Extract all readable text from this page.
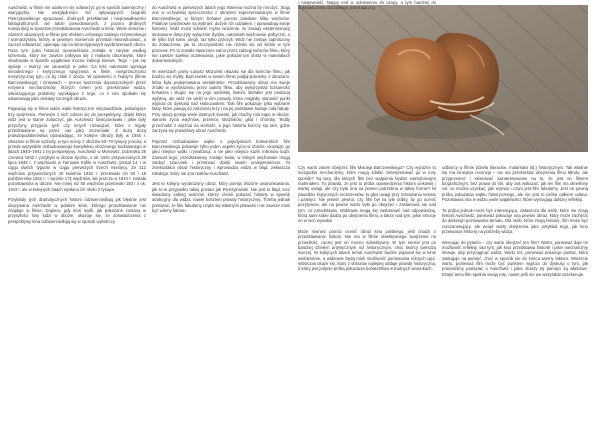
Auschwitz, w filmie nie udało im się odtworzyć go w sposób autentyczny i wiarygodny. Nie uwzględniono też spływających biografii Pietrzykowskiego opracowań, drobnych przekłamań i nieprawidłowości faktograficznych, ale także powodowanych, z pozoru drobnych manipulacji w sposobie przedstawiania Auschwitz w kinie. Wiele obrazów i zdarzeń ukazanych w filmie jest efektem celowego zabiegu reżyserskiego i scenarzystów, którzy w pewnym momencie przestali rekonstruować, a zaczęli odtwarzać, opierając się na stereotypowych wyobrażeniach obozu. Poza tym (cała historia) opowiedziana została w zarysie według schematu, który nie zawsze pokrywa się z realiami obozowymi, które obudowała w sposób wyjątkowo mocne zabiegi kinowe. Tego – jak się wydaje – twórcy nie zauważyli w pełni. Ca łość natomiast wymaga niezależnego i krytycznego spojrzenia w filmie, niesprzeczności merytorycznej tym, co by robili z obozu. W opowieści o Teddy'm (filmie Barczewskiego) i Gniewach – proces tworzenia dopuszczalnych przez reżysera mechanizmów, których celem jest przekonanie widza, oskarżającego problemy wynikające z tego, co z nim spotkało się ustanawiają jako ciekawy szczegół obrazu.

Pojawiają się w filmie także wątki historyczne nieprawdziwie, pokazujące trzy spojrzenia. Pierwsze z nich odnosi się do perspektywy, dzięki której widz jest w stanie zobaczyć, jak Auschwitz funkcjonowało i jakie były przyczyny przyjęcia tych czy innych rozwiązań, które z reguły przedstawiane są przez nas jako zrozumiałe. Z dużą dozą prawdopodobieństwa opowiadając, że kolejne obrazy były w 1945 r. Ukazane w filmie epizody, w tym sceny z obozów 50–70 tysięcy jeńców, a przede wszystkim rozbudowanego kompleksu obozowego budowanego w latach 1940–1941 z tej perspektywy. Auschwitz w Monowitz, Dubrovka 29 czerwca 1942 r. przybyło w obozie łącznie, z ok. 1941 przywiezionych 29 lipca 1942 r. z więźniami w Tarnowie trafiło w Auschwitz (został 14. i w ciągu dwóch tygodni w ciągu pierwszych trzech miesięcy. Ze 112 więźniów przywiezionych 30 kwietnia 1942 r. przetrwało ich 50 i 19 października 1942 r. – łącznie 171 więźniów, ale jeszcze w 1944 r. została pozostawiona w obozie. Nie mniej niż 50 więźniów przetrwało 150 i z ok. 1943 r. ale w kolejnych latach wysłano ich około 2 tysiące.

Przykłady tych dramatycznych historii odzwierciedlają jak błędnie jest ukazywana Auschwitz w polskim kinie, którego przedstawienie nie znajduje w filmie. Dopiero, gdy ktoś myśli, jak pokazane zostaną w przyszłości losy ludzi w obozie, okazuje się, że doświadczenia z perspektywy kina odzwierciedlają się w sposób wybiórczy.

do Auschwitz w pierwszych latach jego istnienia można by mnożyć. Stają one w oczywistej sprzeczności z obrazem zaprezentowanym w filmie Barczewskiego, w którym bohater ponosi zaledwie kilku więźniów-Polaków (więźniowie są wybrani, dużym ich udziałem, i opowiadają swoje historie). Widz może odnieść mylne wrażenie, że zasady ekstermninacji stosowane dotyczyły wyłącznie Żydów, natomiast więźniowie polityczni, o ile tylko byli karni, ulegli, raz tylko przeżyli. Widz nie zostaje zaproszony do zobaczenia, jak ta rzeczywistość nie różniła się od siebie w tym procesie. Po to zostało stworzone samo przez zabiegi twórców filmu, który nie zawsze spełnia oczekiwania, jakie pokazał ten obraz w materiałach dokumentalnych.

W wierszach poety Łukasz Mazurski okazało się dla twórców filmu, jak bardzo się myliły. Barczewski w swoim filmie podjął polemikę z obrazami, która była podejmowana wielokrotnie. Przedstawiony obraz ma swoje źródło w wyobrażeniu przez autora filmu, aby wykorzystać tożsamość bohatera i skupić się na jego osobistej historii. Bohater jest postacią wybitną, ale widz nie widzi w nim prawdy, która mogłaby stanowić punkt wyjścia do dyskusji nad Holocaustem. Taki film pokazuje tylko wybrane fakty, które pasują do założonej tezy i na jej podstawie buduje całą fabułę. Przy okazji pomija wiele istotnych kwestii, jak choćby rola kapo w obozie, warunki życia więźniów, przemoc strażników, głód i choroby. Teddy przechodzi z więźnia na wolność, a jego historia kończy się tam, gdzie zaczyna się prawdziwy obraz Auschwitz.

Poprzez rozbudowanie wątku o pojedynkach bokserskich film Barczewskiego pokazuje tylko jeden aspekt życia w obozie, ukazując go jako miejsce walki i rywalizacji, a nie jako miejsce kaźni milionów ludzi. Zamiast tego, przedstawiony zostaje świat, w którym więźniowie mogą zdobyć szacunek i przetrwać dzięki swoim umiejętnościom. To zniekształca obraz historyczny i wprowadza widza w błąd, zwłaszcza młodego, który nie zna realiów Auschwitz.

Jest to kolejny wyobrażony obraz, który pomija złożone uwarunkowania, jak to w przypadku takiej postaci jak Pietrzykowski. Nie jest to błąd, lecz świadomy zabieg twórców, którzy chcieli pokazać historię w sposób atrakcyjny dla widza, nawet kosztem prawdy historycznej. Trzeba jednak pamiętać, że film fabularny rządzi się własnymi prawami i nie zawsze musi być wierny faktom.

i niepewność. Nappy end w odniesieniu do ozopy, a tym bardziej do doświadczenia obozowego, jest tragiczny.

Czy warto zatem obejrzeć film Macieja Barczewskiego? Czy wyraźne to niezgodne mechanizmy, które mogą zdołać zinterpretować go w inny sposób? Są tacy, dla których film bez wątpienia będzie wartościowym materiałem. To prawda, że jest to próba opowiedzenia historii ciekawej i wartej uwagi, ale czy była ona na pewno potrzebna w takiej formie? W zawodzie krytycznych recenzentów, to głos uwagi przy rozważaniu tematu i pamięci. Nie jestem pewna, czy film był na tyle dobry, by go ocenić pozytywnie, ale na pewno warto było go obejrzeć i zastanowić się nad tym, co przedstawia. Widzowie mogą się zastanowić nad odpowiedzią, którą sami sobie dadzą po obejrzeniu filmu, a także nad tym, jakie emocje on w nich wywołał.

Może również pomóc ocenić obraz kina polskiego, jeśli chodzi o przedstawianie historii. Nie ma w filmie obiektywnego spojrzenia na przeszłość, raczej jest on mocno subiektywny. W tym sensie jest on bardziej dziełem artystycznym niż historycznym, choć twórcy twierdzą inaczej. W kolejnych latach temat Auschwitz będzie pojawiał się w kinie wielokrotnie, a widzowie będą mieli możliwość porównania różnych ujęć. Wówczas okaże się, który z obrazów najlepiej oddaje prawdę historyczną, a który jest jedynie próbą pokazania bohaterstwa w trudnych warunkach.

odbiorcy w filmie (dzieła literackie, malarstwo itd.) historycznym. Tak właśnie się ma niniejsza recenzja – nie ma przekreślać obejrzenia filmu Młodu, ale przypomnieć i skierować zainteresowanie na to, że jest on filmem biograficznym, bez prawa do roli, aby zaś wskazać, jak ten film ma określony cel, co można uzyskać, jaki wymiar i czym jest film fabularny. Jest on pewną próbą pokazania wątku historycznego, ale nie jest to próba całkiem udana. Pozostawia ona w widzu wiele wątpliwości, które wymagają dalszej refleksji.

Ta próba jednak może być interesująca, zwłaszcza dla osób, które nie znają historii Auschwitz, ponieważ pokazuje ona pewien obraz, który może zachęcić do dalszego poznawania tematu. Dla osób, które znają historię, film może być rozczarowujący, ale wciąż warty obejrzenia jako przykład tego, jak kino przetwarza historię na potrzeby widza.

Wracając do pytania – czy warto obejrzeć ten film? Warto, ponieważ daje on możliwość refleksji nad tym, jak kino przedstawia historię i jakie mechanizmy stosuje, aby przyciągnąć widza. Warto też, ponieważ pokazuje postać, która zasługuje na pamięć, choć w sposób nie do końca wierny faktom. Wreszcie warto, ponieważ film może być punktem wyjścia do dyskusji o tym, jak powinniśmy pamiętać o Auschwitz i jakie obrazy tej pamięci są właściwe. Dzięki temu film spełnia swoją rolę, nawet jeśli nie we wszystkim przekonuje.
